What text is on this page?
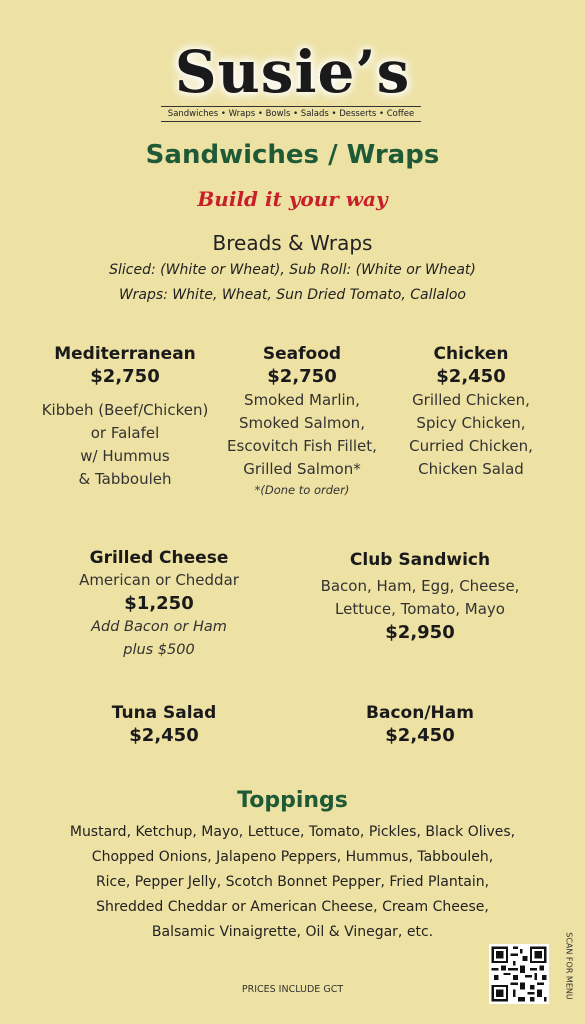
Susie’s
Sandwiches • Wraps • Bowls • Salads • Desserts • Coffee
Sandwiches / Wraps
Build it your way
Breads & Wraps
Sliced: (White or Wheat), Sub Roll: (White or Wheat)
Wraps: White, Wheat, Sun Dried Tomato, Callaloo
Mediterranean
$2,750
Kibbeh (Beef/Chicken)
or Falafel
w/ Hummus
& Tabbouleh
Seafood
$2,750
Smoked Marlin,
Smoked Salmon,
Escovitch Fish Fillet,
Grilled Salmon*
*(Done to order)
Chicken
$2,450
Grilled Chicken,
Spicy Chicken,
Curried Chicken,
Chicken Salad
Grilled Cheese
American or Cheddar
$1,250
Add Bacon or Ham
plus $500
Club Sandwich
Bacon, Ham, Egg, Cheese,
Lettuce, Tomato, Mayo
$2,950
Tuna Salad
$2,450
Bacon/Ham
$2,450
Toppings
Mustard, Ketchup, Mayo, Lettuce, Tomato, Pickles, Black Olives,
Chopped Onions, Jalapeno Peppers, Hummus, Tabbouleh,
Rice, Pepper Jelly, Scotch Bonnet Pepper, Fried Plantain,
Shredded Cheddar or American Cheese, Cream Cheese,
Balsamic Vinaigrette, Oil & Vinegar, etc.
PRICES INCLUDE GCT	SCAN FOR MENU
